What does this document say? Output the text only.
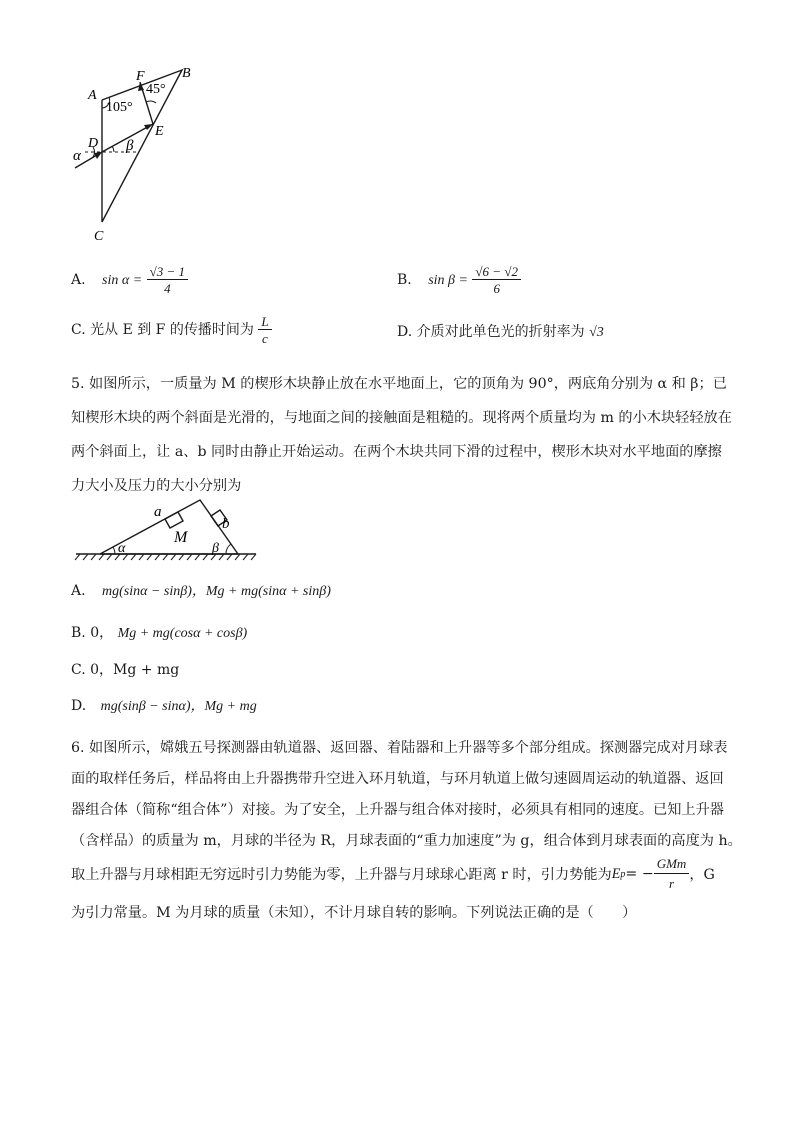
A
B
C
D
E
F
α
β
105°
45°
A. $\sin \alpha = \frac{√3 - 1}{4}$	B. $\sin \beta = \frac{√6 - √2}{6}$
C. 光从 E 到 F 的传播时间为 $\frac{L}{c}$	D. 介质对此单色光的折射率为 √3
5. 如图所示，一质量为 M 的楔形木块静止放在水平地面上，它的顶角为 90°，两底角分别为 α 和 β；已
知楔形木块的两个斜面是光滑的，与地面之间的接触面是粗糙的。现将两个质量均为 m 的小木块轻轻放在
两个斜面上，让 a、b 同时由静止开始运动。在两个木块共同下滑的过程中，楔形木块对水平地面的摩擦
力大小及压力的大小分别为
a
b
M
α	β
A. mg(sinα − sinβ)，Mg + mg(sinα + sinβ)
B. 0， Mg + mg(cosα + cosβ)
C. 0，Mg + mg
D. mg(sinβ − sinα)，Mg + mg
6. 如图所示，嫦娥五号探测器由轨道器、返回器、着陆器和上升器等多个部分组成。探测器完成对月球表
面的取样任务后，样品将由上升器携带升空进入环月轨道，与环月轨道上做匀速圆周运动的轨道器、返回
器组合体（简称“组合体”）对接。为了安全，上升器与组合体对接时，必须具有相同的速度。已知上升器
（含样品）的质量为 m，月球的半径为 R，月球表面的“重力加速度”为 g，组合体到月球表面的高度为 h。
取上升器与月球相距无穷远时引力势能为零，上升器与月球球心距离 r 时，引力势能为 E p = − $\frac{\text{GMm}}{r}$ ，G
为引力常量。M 为月球的质量（未知），不计月球自转的影响。下列说法正确的是（　　）
